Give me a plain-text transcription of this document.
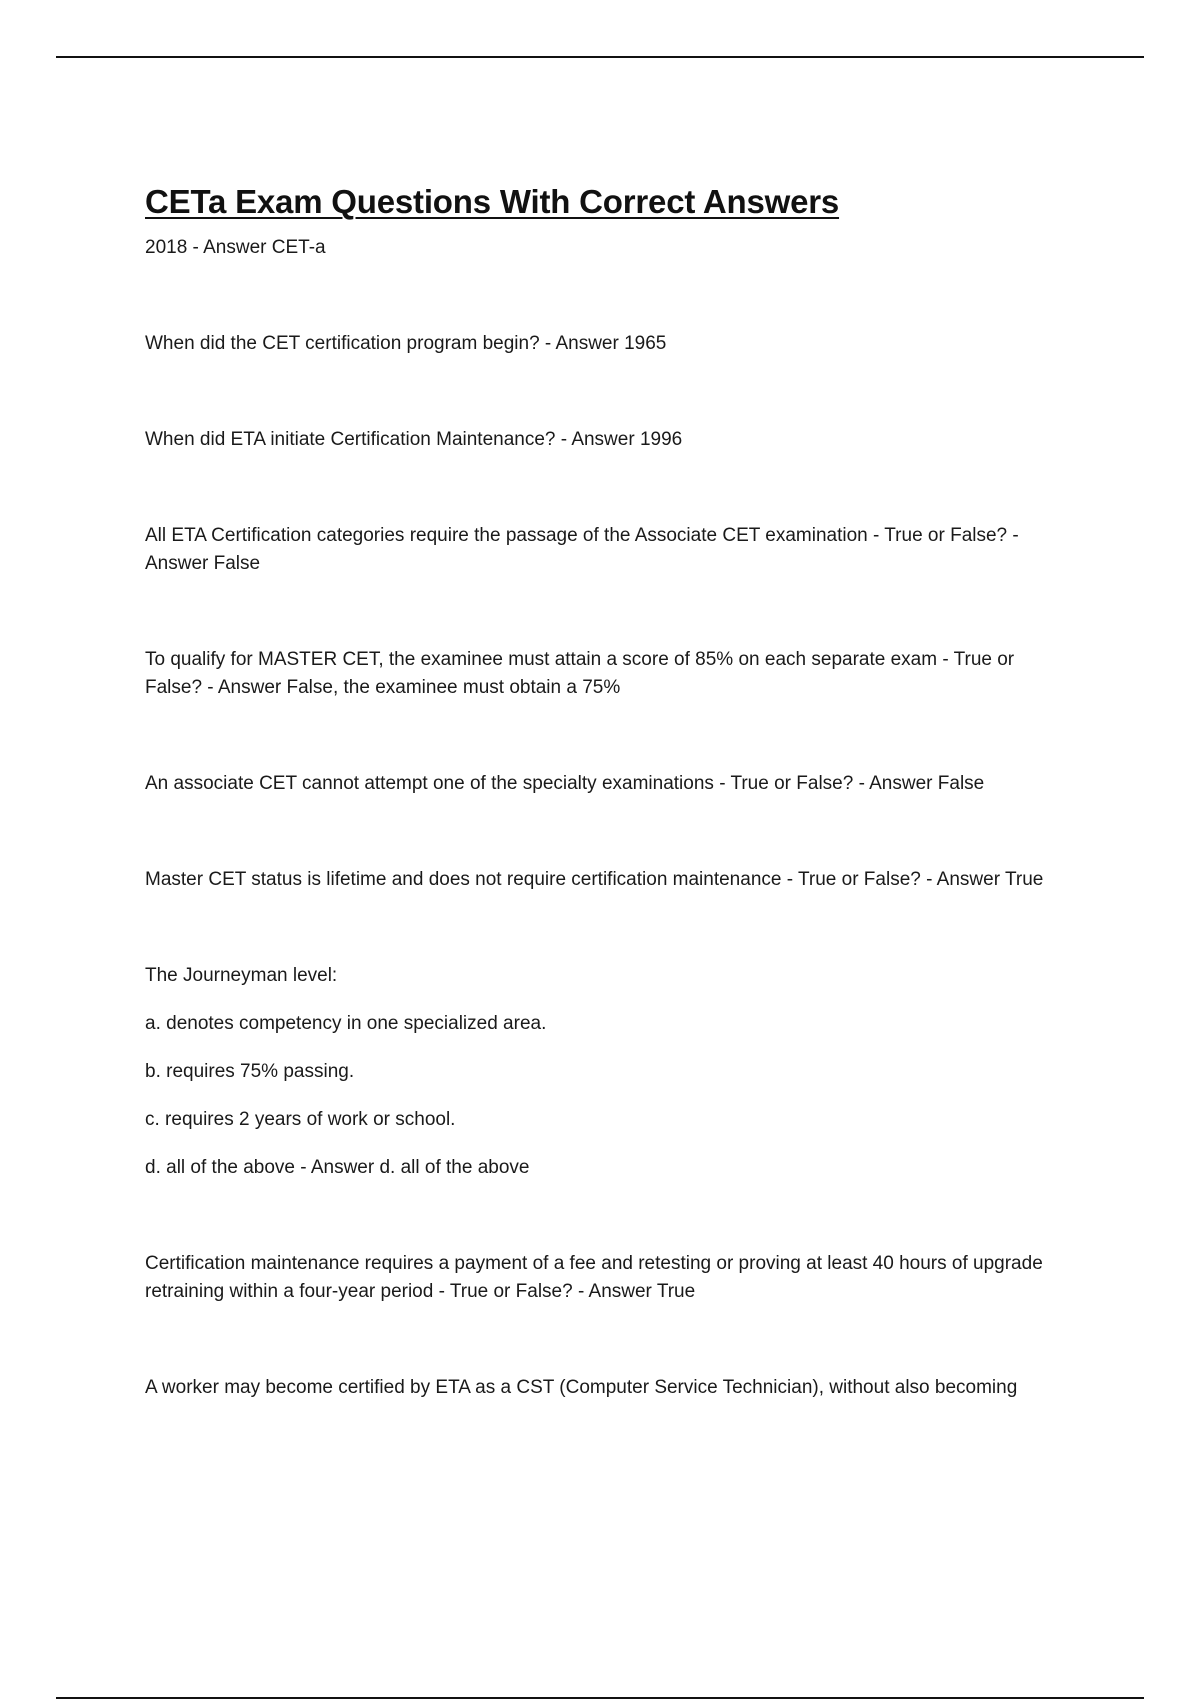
CETa Exam Questions With Correct Answers

2018 - Answer CET-a

When did the CET certification program begin? - Answer 1965

When did ETA initiate Certification Maintenance? - Answer 1996

All ETA Certification categories require the passage of the Associate CET examination - True or False? - Answer False

To qualify for MASTER CET, the examinee must attain a score of 85% on each separate exam - True or False? - Answer False, the examinee must obtain a 75%

An associate CET cannot attempt one of the specialty examinations - True or False? - Answer False

Master CET status is lifetime and does not require certification maintenance - True or False? - Answer True

The Journeyman level:

a. denotes competency in one specialized area.

b. requires 75% passing.

c. requires 2 years of work or school.

d. all of the above - Answer d. all of the above

Certification maintenance requires a payment of a fee and retesting or proving at least 40 hours of upgrade retraining within a four-year period - True or False? - Answer True

A worker may become certified by ETA as a CST (Computer Service Technician), without also becoming
